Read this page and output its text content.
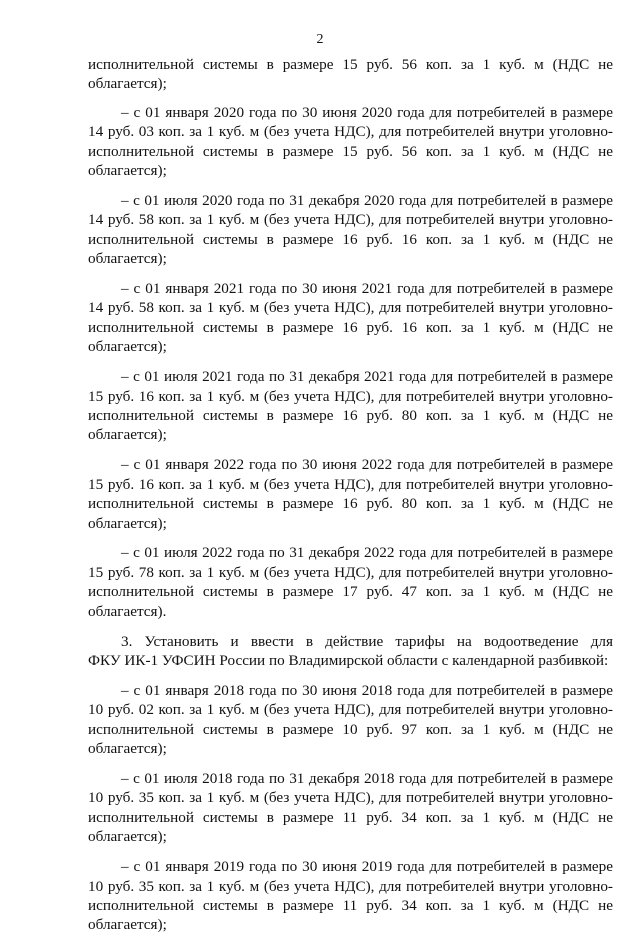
2
исполнительной системы в размере 15 руб. 56 коп. за 1 куб. м (НДС не
облагается);
– с 01 января 2020 года по 30 июня 2020 года для потребителей в размере
14 руб. 03 коп. за 1 куб. м (без учета НДС), для потребителей внутри уголовно-
исполнительной системы в размере 15 руб. 56 коп. за 1 куб. м (НДС не
облагается);
– с 01 июля 2020 года по 31 декабря 2020 года для потребителей в размере
14 руб. 58 коп. за 1 куб. м (без учета НДС), для потребителей внутри уголовно-
исполнительной системы в размере 16 руб. 16 коп. за 1 куб. м (НДС не
облагается);
– с 01 января 2021 года по 30 июня 2021 года для потребителей в размере
14 руб. 58 коп. за 1 куб. м (без учета НДС), для потребителей внутри уголовно-
исполнительной системы в размере 16 руб. 16 коп. за 1 куб. м (НДС не
облагается);
– с 01 июля 2021 года по 31 декабря 2021 года для потребителей в размере
15 руб. 16 коп. за 1 куб. м (без учета НДС), для потребителей внутри уголовно-
исполнительной системы в размере 16 руб. 80 коп. за 1 куб. м (НДС не
облагается);
– с 01 января 2022 года по 30 июня 2022 года для потребителей в размере
15 руб. 16 коп. за 1 куб. м (без учета НДС), для потребителей внутри уголовно-
исполнительной системы в размере 16 руб. 80 коп. за 1 куб. м (НДС не
облагается);
– с 01 июля 2022 года по 31 декабря 2022 года для потребителей в размере
15 руб. 78 коп. за 1 куб. м (без учета НДС), для потребителей внутри уголовно-
исполнительной системы в размере 17 руб. 47 коп. за 1 куб. м (НДС не
облагается).
3. Установить и ввести в действие тарифы на водоотведение для
ФКУ ИК-1 УФСИН России по Владимирской области с календарной разбивкой:
– с 01 января 2018 года по 30 июня 2018 года для потребителей в размере
10 руб. 02 коп. за 1 куб. м (без учета НДС), для потребителей внутри уголовно-
исполнительной системы в размере 10 руб. 97 коп. за 1 куб. м (НДС не
облагается);
– с 01 июля 2018 года по 31 декабря 2018 года для потребителей в размере
10 руб. 35 коп. за 1 куб. м (без учета НДС), для потребителей внутри уголовно-
исполнительной системы в размере 11 руб. 34 коп. за 1 куб. м (НДС не
облагается);
– с 01 января 2019 года по 30 июня 2019 года для потребителей в размере
10 руб. 35 коп. за 1 куб. м (без учета НДС), для потребителей внутри уголовно-
исполнительной системы в размере 11 руб. 34 коп. за 1 куб. м (НДС не
облагается);
